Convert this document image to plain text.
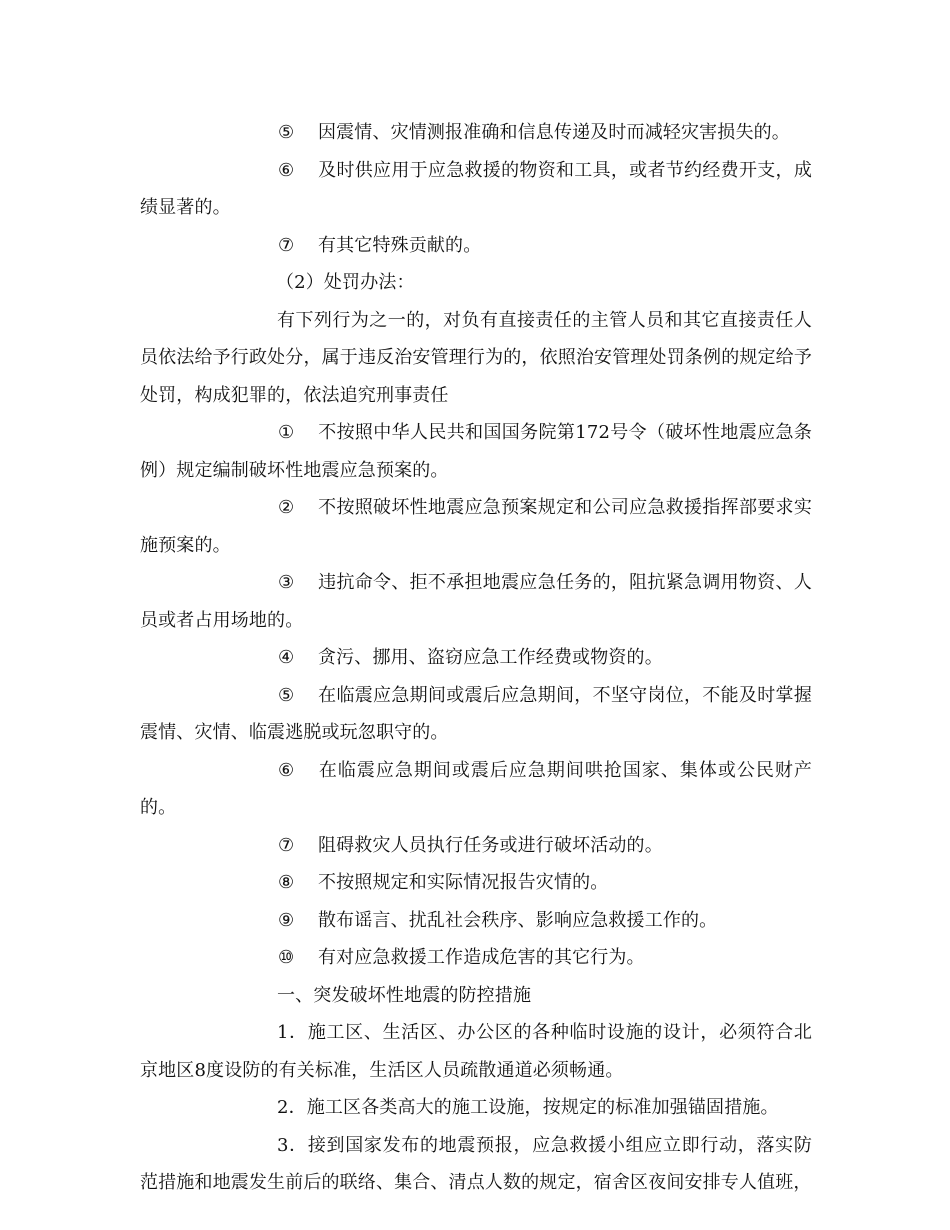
⑤ 因震情、灾情测报准确和信息传递及时而减轻灾害损失的。

⑥ 及时供应用于应急救援的物资和工具，或者节约经费开支，成绩显著的。

⑦ 有其它特殊贡献的。

（2）处罚办法：

有下列行为之一的，对负有直接责任的主管人员和其它直接责任人员依法给予行政处分，属于违反治安管理行为的，依照治安管理处罚条例的规定给予处罚，构成犯罪的，依法追究刑事责任

① 不按照中华人民共和国国务院第172号令（破坏性地震应急条例）规定编制破坏性地震应急预案的。

② 不按照破坏性地震应急预案规定和公司应急救援指挥部要求实施预案的。

③ 违抗命令、拒不承担地震应急任务的，阻抗紧急调用物资、人员或者占用场地的。

④ 贪污、挪用、盗窃应急工作经费或物资的。

⑤ 在临震应急期间或震后应急期间，不坚守岗位，不能及时掌握震情、灾情、临震逃脱或玩忽职守的。

⑥ 在临震应急期间或震后应急期间哄抢国家、集体或公民财产的。

⑦ 阻碍救灾人员执行任务或进行破坏活动的。

⑧ 不按照规定和实际情况报告灾情的。

⑨ 散布谣言、扰乱社会秩序、影响应急救援工作的。

⑩ 有对应急救援工作造成危害的其它行为。

一、突发破坏性地震的防控措施

1．施工区、生活区、办公区的各种临时设施的设计，必须符合北京地区8度设防的有关标准，生活区人员疏散通道必须畅通。

2．施工区各类高大的施工设施，按规定的标准加强锚固措施。

3．接到国家发布的地震预报，应急救援小组应立即行动，落实防范措施和地震发生前后的联络、集合、清点人数的规定，宿舍区夜间安排专人值班，
